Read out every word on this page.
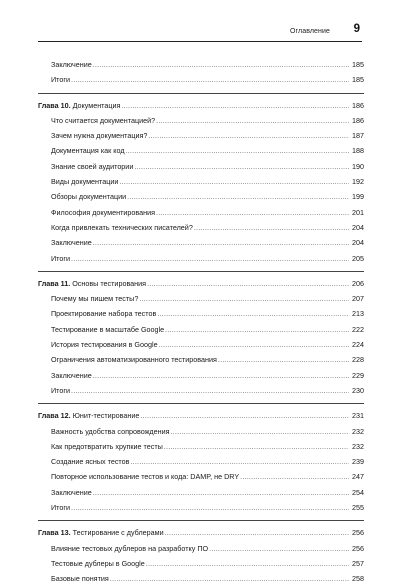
Оглавление 9
Заключение .....	185
Итоги .....	185
Глава 10. Документация .....	186
Что считается документацией? .....	186
Зачем нужна документация? .....	187
Документация как код .....	188
Знание своей аудитории .....	190
Виды документации .....	192
Обзоры документации .....	199
Философия документирования .....	201
Когда привлекать технических писателей? .....	204
Заключение .....	204
Итоги .....	205
Глава 11. Основы тестирования .....	206
Почему мы пишем тесты? .....	207
Проектирование набора тестов .....	213
Тестирование в масштабе Google .....	222
История тестирования в Google .....	224
Ограничения автоматизированного тестирования .....	228
Заключение .....	229
Итоги .....	230
Глава 12. Юнит-тестирование .....	231
Важность удобства сопровождения .....	232
Как предотвратить хрупкие тесты .....	232
Создание ясных тестов .....	239
Повторное использование тестов и кода: DAMP, не DRY .....	247
Заключение .....	254
Итоги .....	255
Глава 13. Тестирование с дублерами .....	256
Влияние тестовых дублеров на разработку ПО .....	256
Тестовые дублеры в Google .....	257
Базовые понятия .....	258
